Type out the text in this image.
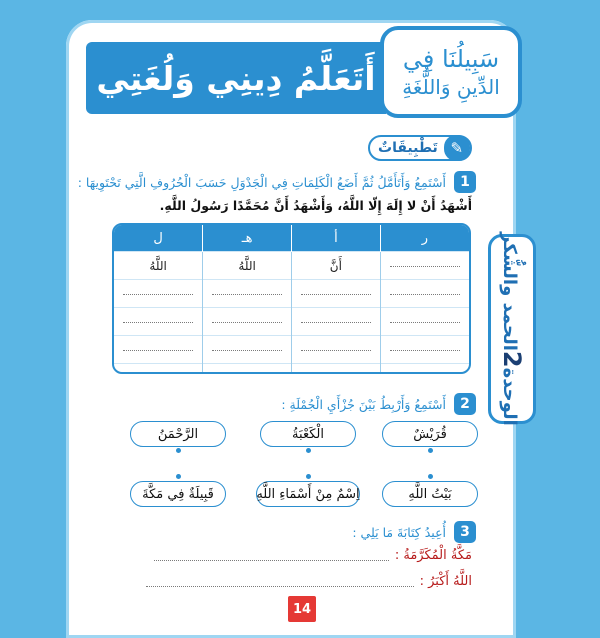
أَتَعَلَّمُ دِينِي وَلُغَتِي سَبِيلُنَا فِي
الدِّينِ وَاللُّغَةِ
الوحدة2الحمد والشُّكر
✎
تَطْبِيقَاتٌ
1
أَسْتَمِعُ وَأَتَأَمَّلُ ثُمَّ أَضَعُ الْكَلِمَاتِ فِي الْجَدْوَلِ حَسَبَ الْحُرُوفِ الَّتِي تَحْتَوِيهَا :
أَشْهَدُ أَنْ لا إِلَهَ إِلّا اللَّهُ، وَأَشْهَدُ أَنَّ مُحَمَّدًا رَسُولُ اللَّهِ.
ر	أ	هـ	ل

	أَنَّ	اللَّهُ	اللَّهُ

2
أَسْتَمِعُ وَأَرْبِطُ بَيْنَ جُزْأَيِ الْجُمْلَةِ :
قُرَيْشٌ
الْكَعْبَةُ
الرَّحْمَنُ
بَيْتُ اللَّهِ
اِسْمٌ مِنْ أَسْمَاءِ اللَّهِ
قَبِيلَةٌ فِي مَكَّةَ
3
أُعِيدُ كِتَابَةَ مَا يَلِي :
مَكَّةُ الْمُكَرَّمَةُ :
اللَّهُ أَكْبَرُ :
14
